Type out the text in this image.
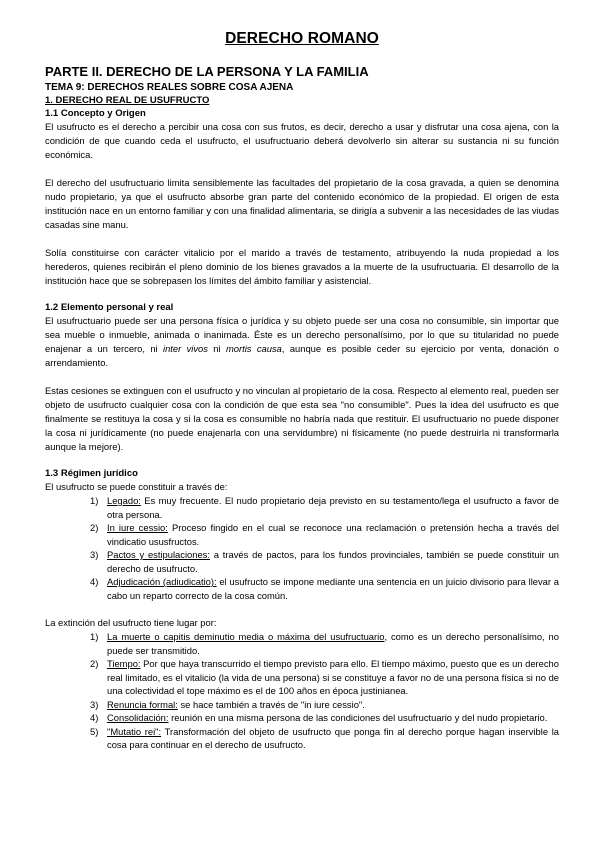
DERECHO ROMANO
PARTE II. DERECHO DE LA PERSONA Y LA FAMILIA
TEMA 9: DERECHOS REALES SOBRE COSA AJENA
1. DERECHO REAL DE USUFRUCTO
1.1 Concepto y Origen

El usufructo es el derecho a percibir una cosa con sus frutos, es decir, derecho a usar y disfrutar una cosa ajena, con la condición de que cuando ceda el usufructo, el usufructuario deberá devolverlo sin alterar su sustancia ni su función económica.

El derecho del usufructuario limita sensiblemente las facultades del propietario de la cosa gravada, a quien se denomina nudo propietario, ya que el usufructo absorbe gran parte del contenido económico de la propiedad. El origen de esta institución nace en un entorno familiar y con una finalidad alimentaria, se dirigía a subvenir a las necesidades de las viudas casadas sine manu.

Solía constituirse con carácter vitalicio por el marido a través de testamento, atribuyendo la nuda propiedad a los herederos, quienes recibirán el pleno dominio de los bienes gravados a la muerte de la usufructuaria. El desarrollo de la institución hace que se sobrepasen los límites del ámbito familiar y asistencial.

1.2 Elemento personal y real

El usufructuario puede ser una persona física o jurídica y su objeto puede ser una cosa no consumible, sin importar que sea mueble o inmueble, animada o inanimada. Éste es un derecho personalísimo, por lo que su titularidad no puede enajenar a un tercero, ni inter vivos ni mortis causa, aunque es posible ceder su ejercicio por venta, donación o arrendamiento.

Estas cesiones se extinguen con el usufructo y no vinculan al propietario de la cosa. Respecto al elemento real, pueden ser objeto de usufructo cualquier cosa con la condición de que esta sea "no consumible". Pues la idea del usufructo es que finalmente se restituya la cosa y si la cosa es consumible no habría nada que restituir. El usufructuario no puede disponer la cosa ni jurídicamente (no puede enajenarla con una servidumbre) ni físicamente (no puede destruirla ni transformarla aunque la mejore).

1.3 Régimen jurídico

El usufructo se puede constituir a través de:

1) Legado: Es muy frecuente. El nudo propietario deja previsto en su testamento/lega el usufructo a favor de otra persona.
2) In iure cessio: Proceso fingido en el cual se reconoce una reclamación o pretensión hecha a través del vindicatio ususfructos.
3) Pactos y estipulaciones: a través de pactos, para los fundos provinciales, también se puede constituir un derecho de usufructo.
4) Adjudicación (adiudicatio): el usufructo se impone mediante una sentencia en un juicio divisorio para llevar a cabo un reparto correcto de la cosa común.

La extinción del usufructo tiene lugar por:

1) La muerte o capitis deminutio media o máxima del usufructuario, como es un derecho personalísimo, no puede ser transmitido.
2) Tiempo: Por que haya transcurrido el tiempo previsto para ello. El tiempo máximo, puesto que es un derecho real limitado, es el vitalicio (la vida de una persona) si se constituye a favor no de una persona física si no de una colectividad el tope máximo es el de 100 años en época justinianea.
3) Renuncia formal: se hace también a través de "in iure cessio".
4) Consolidación: reunión en una misma persona de las condiciones del usufructuario y del nudo propietario.
5) "Mutatio rei": Transformación del objeto de usufructo que ponga fin al derecho porque hagan inservible la cosa para continuar en el derecho de usufructo.
